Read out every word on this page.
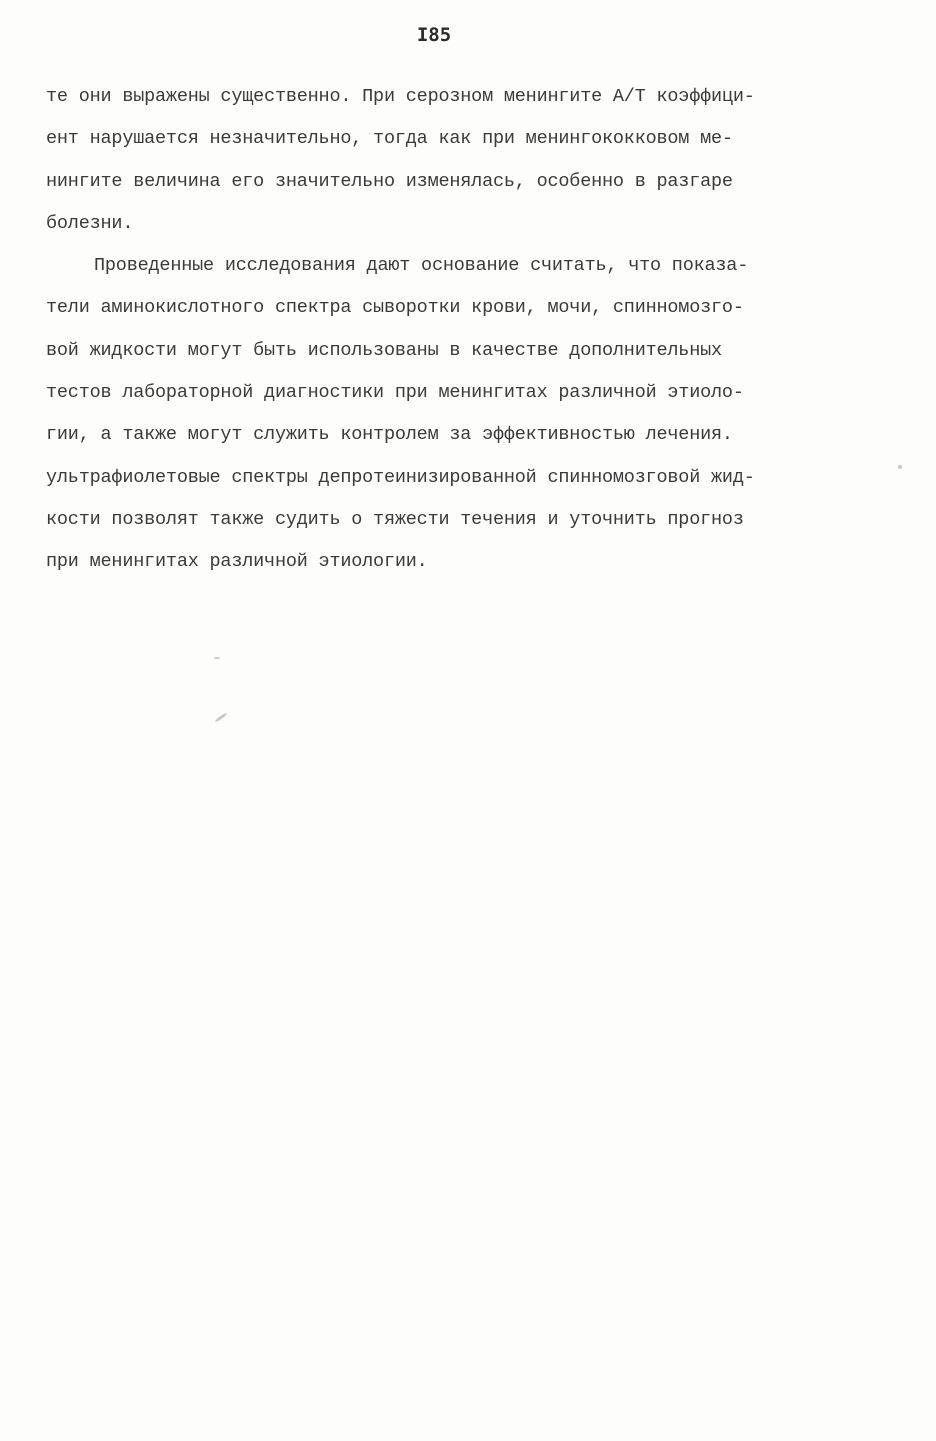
I85
те они выражены существенно. При серозном менингите А/Т коэффици-
ент нарушается незначительно, тогда как при менингококковом ме-
нингите величина его значительно изменялась, особенно в разгаре
болезни.
Проведенные исследования дают основание считать, что показа-
тели аминокислотного спектра сыворотки крови, мочи, спинномозго-
вой жидкости могут быть использованы в качестве дополнительных
тестов лабораторной диагностики при менингитах различной этиоло-
гии, а также могут служить контролем за эффективностью лечения.
ультрафиолетовые спектры депротеинизированной спинномозговой жид-
кости позволят также судить о тяжести течения и уточнить прогноз
при менингитах различной этиологии.
